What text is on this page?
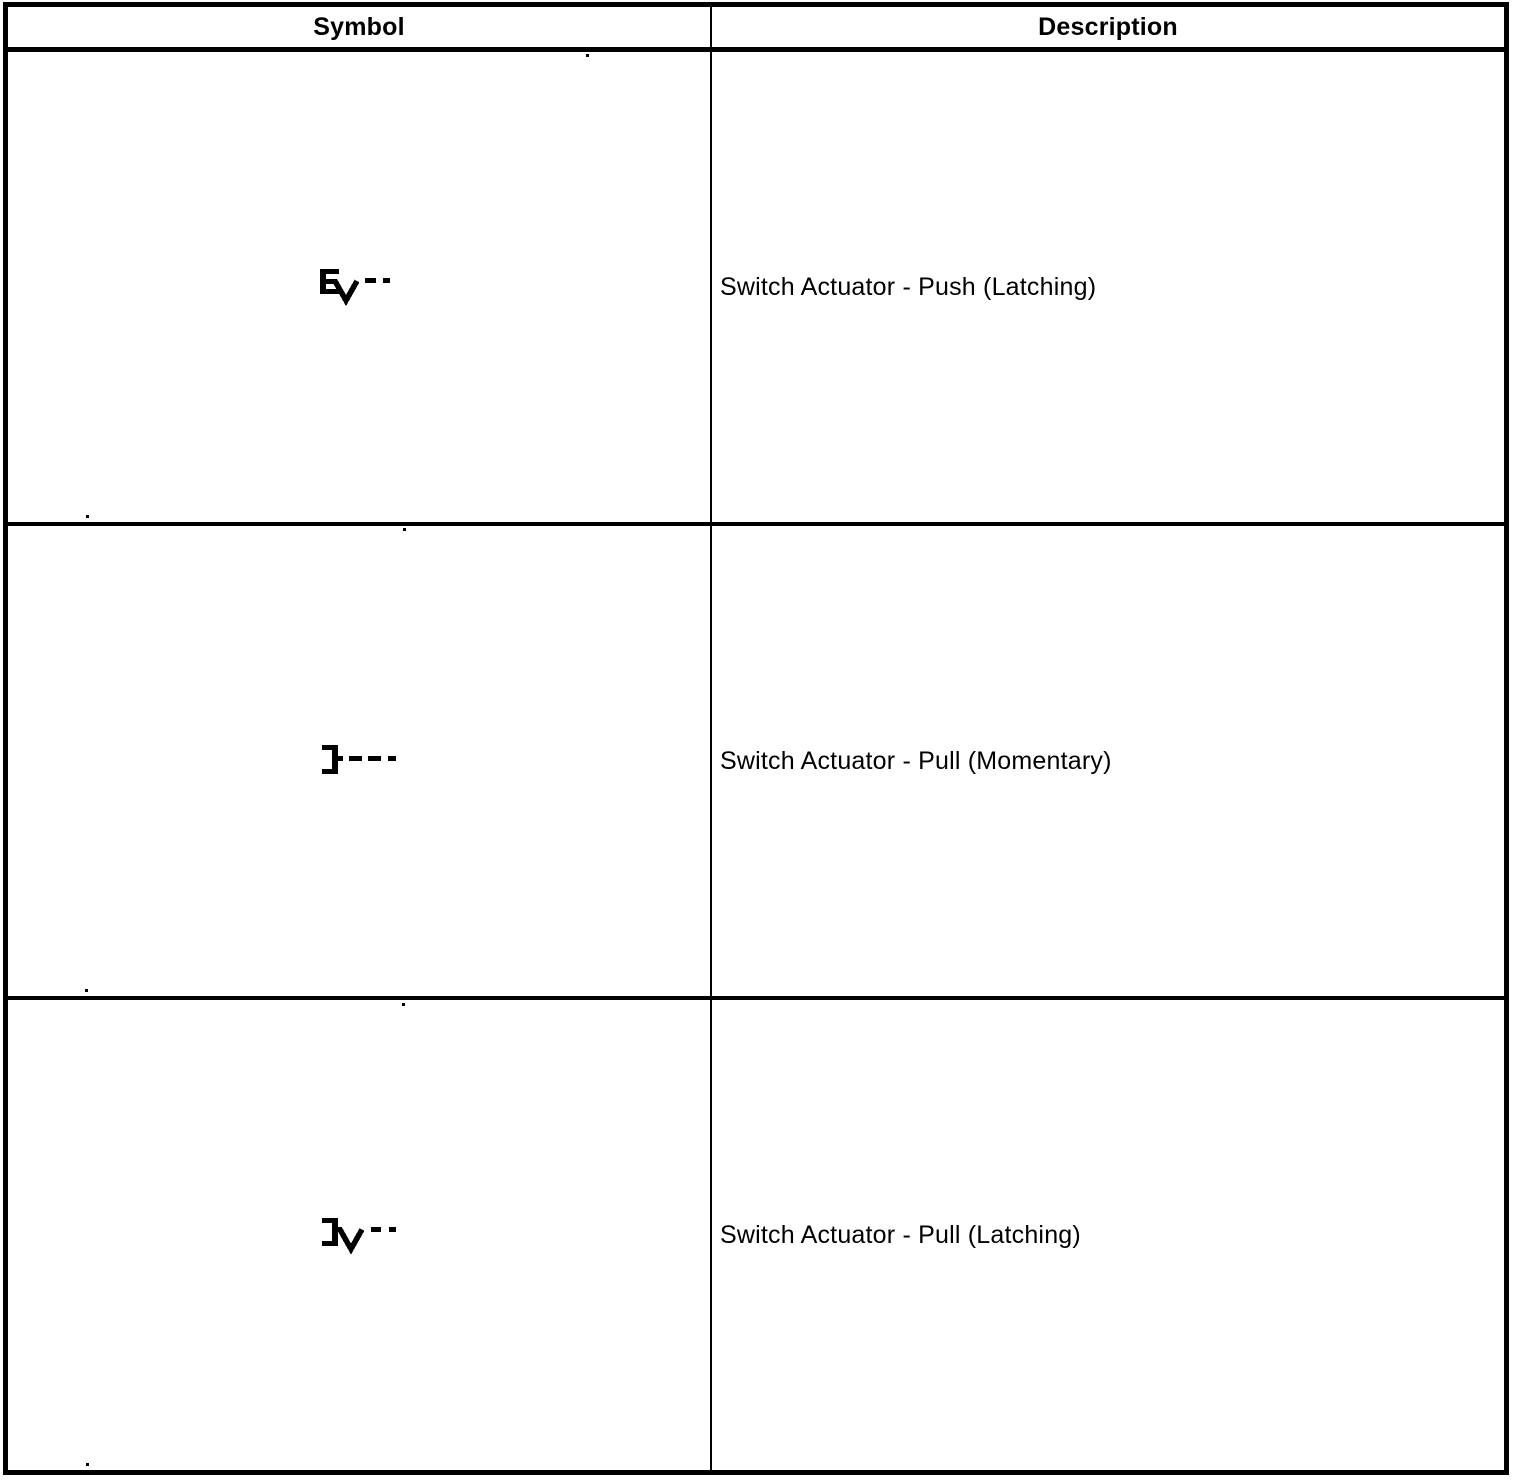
Symbol	Description
Switch Actuator - Push (Latching)
Switch Actuator - Pull (Momentary)
Switch Actuator - Pull (Latching)
